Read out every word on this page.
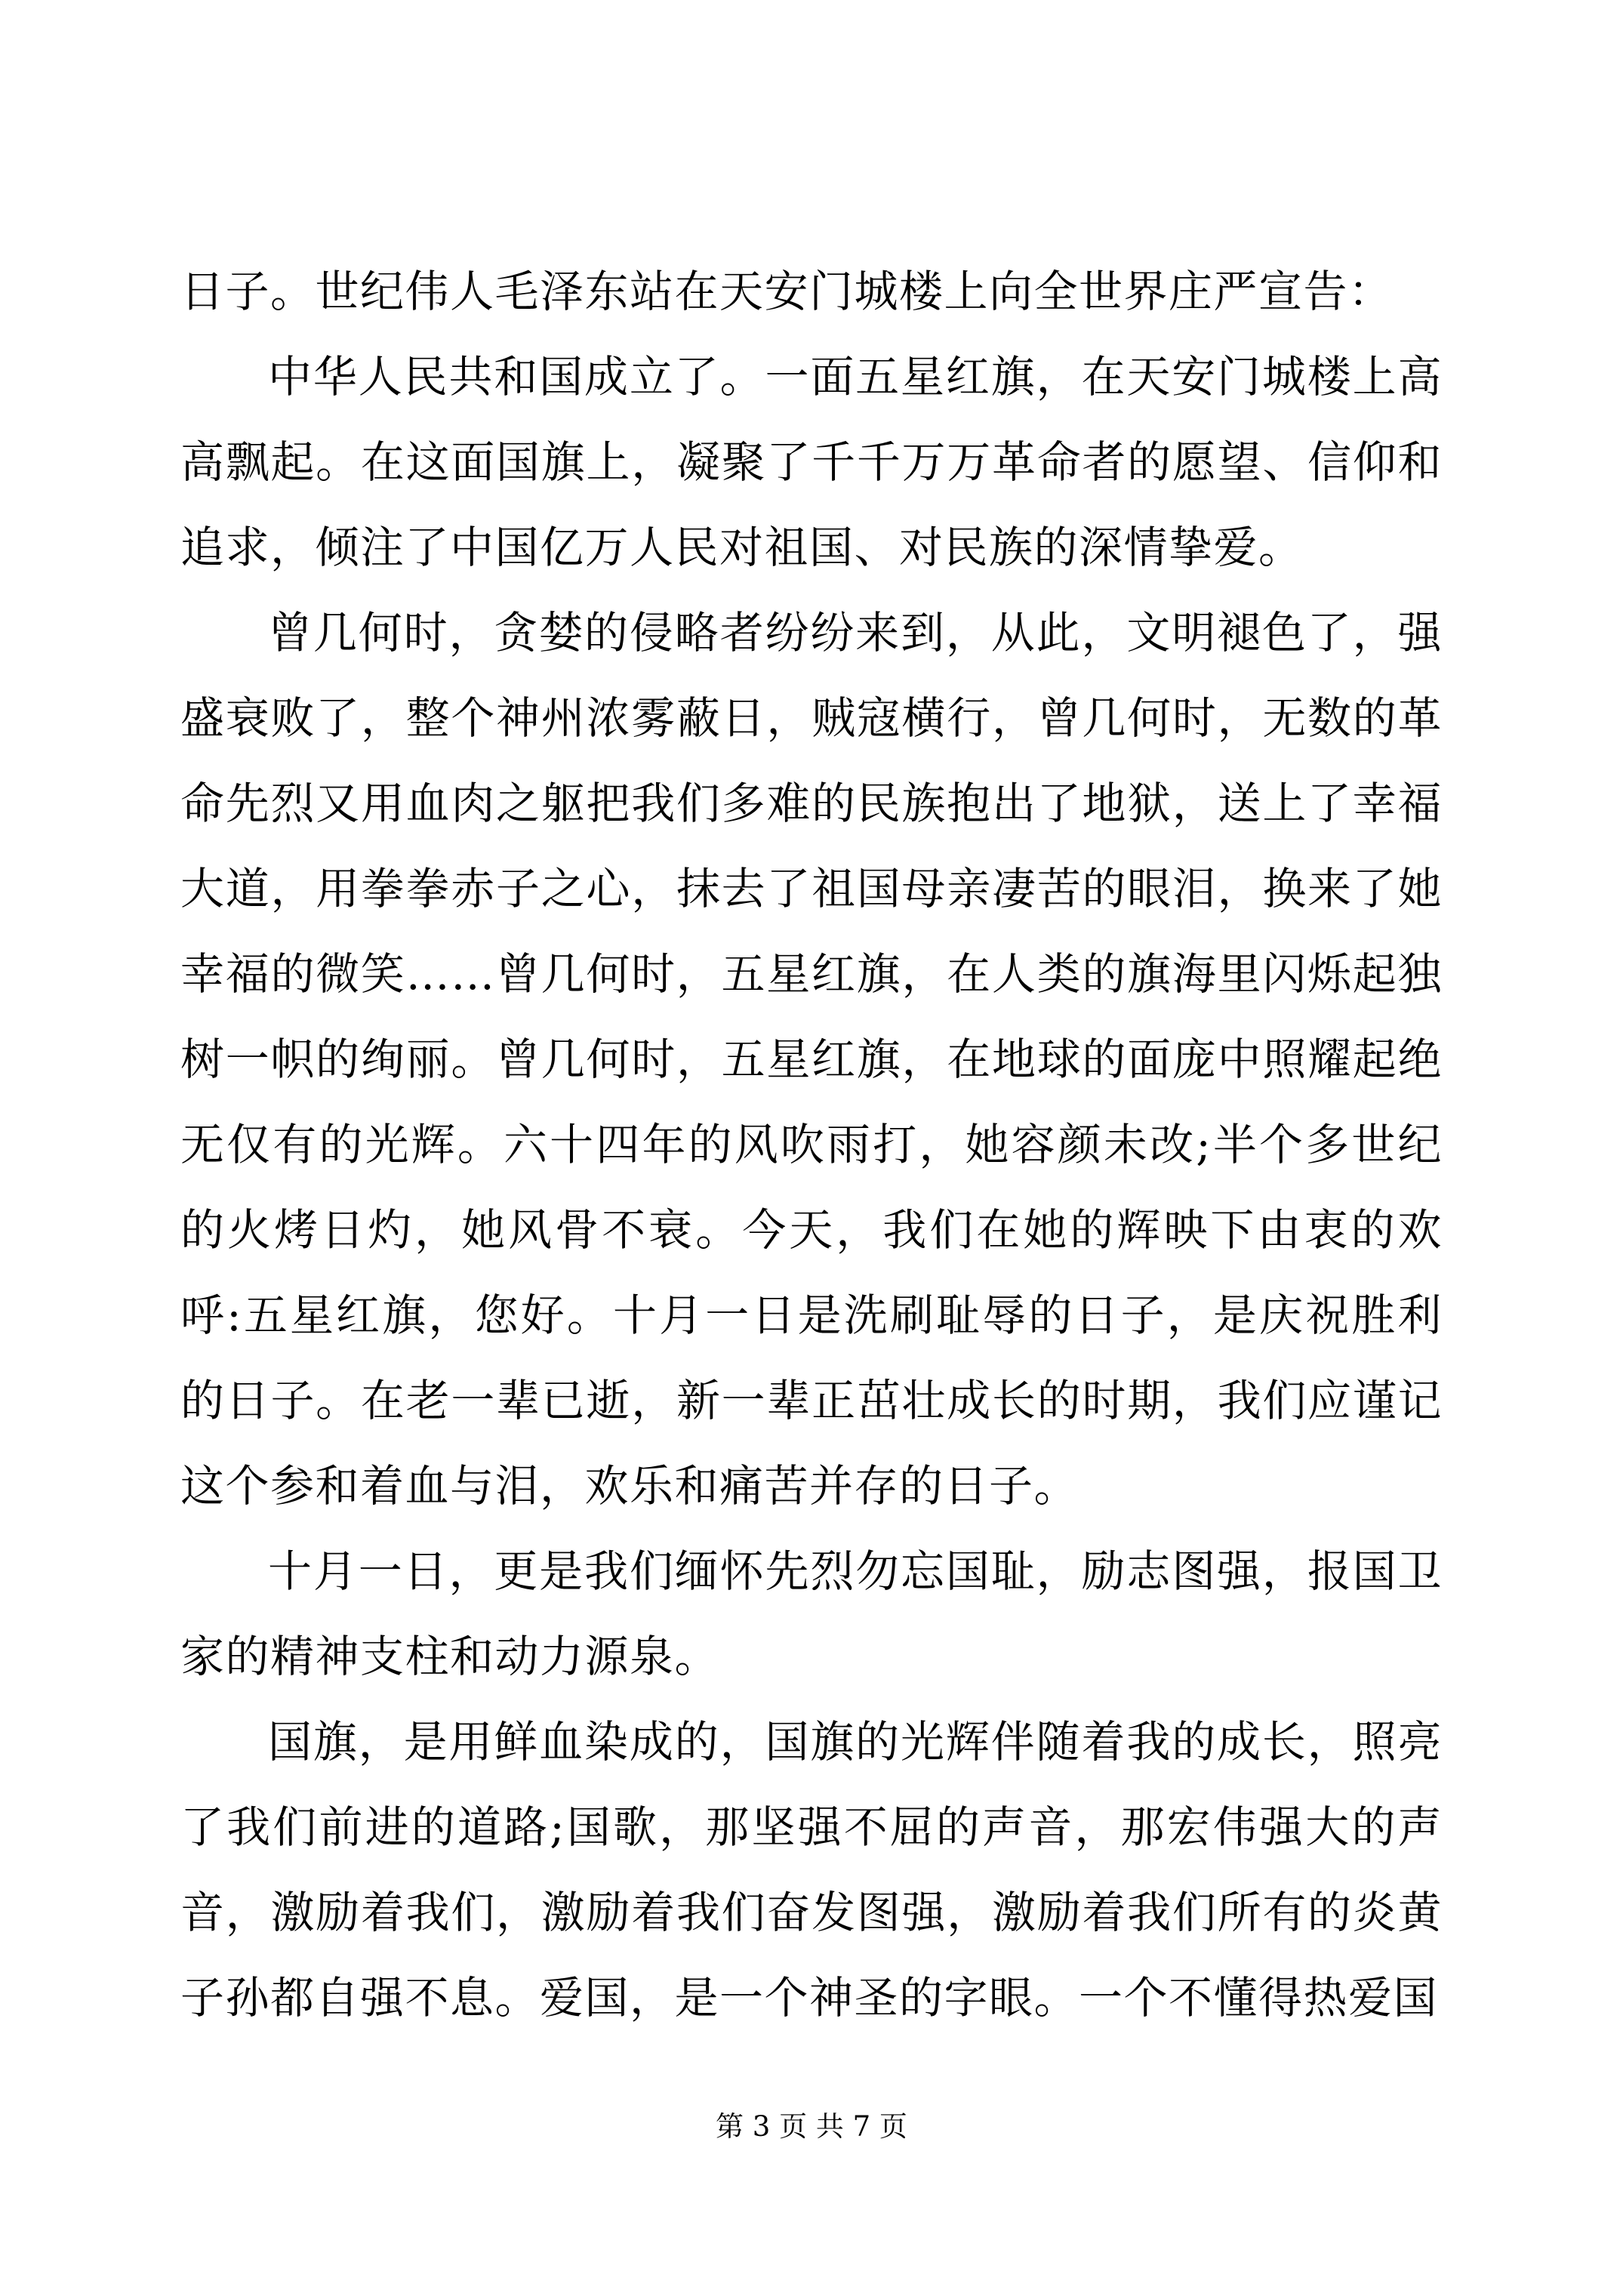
日子。世纪伟人毛泽东站在天安门城楼上向全世界庄严宣告：

中华人民共和国成立了。一面五星红旗，在天安门城楼上高高飘起。在这面国旗上，凝聚了千千万万革命者的愿望、信仰和追求，倾注了中国亿万人民对祖国、对民族的深情挚爱。

曾几何时，贪婪的侵略者纷纷来到，从此，文明褪色了，强盛衰败了，整个神州浓雾蔽日，贼寇横行，曾几何时，无数的革命先烈又用血肉之躯把我们多难的民族抱出了地狱，送上了幸福大道，用拳拳赤子之心，抹去了祖国母亲凄苦的眼泪，换来了她幸福的微笑……曾几何时，五星红旗，在人类的旗海里闪烁起独树一帜的绚丽。曾几何时，五星红旗，在地球的面庞中照耀起绝无仅有的光辉。六十四年的风吹雨打，她容颜未改;半个多世纪的火烤日灼，她风骨不衰。今天，我们在她的辉映下由衷的欢呼:五星红旗，您好。十月一日是洗刷耻辱的日子，是庆祝胜利的日子。在老一辈已逝，新一辈正茁壮成长的时期，我们应谨记这个参和着血与泪，欢乐和痛苦并存的日子。

十月一日，更是我们缅怀先烈勿忘国耻，励志图强，报国卫家的精神支柱和动力源泉。

国旗，是用鲜血染成的，国旗的光辉伴随着我的成长，照亮了我们前进的道路;国歌，那坚强不屈的声音，那宏伟强大的声音，激励着我们，激励着我们奋发图强，激励着我们所有的炎黄子孙都自强不息。爱国，是一个神圣的字眼。一个不懂得热爱国

第 3 页 共 7 页
